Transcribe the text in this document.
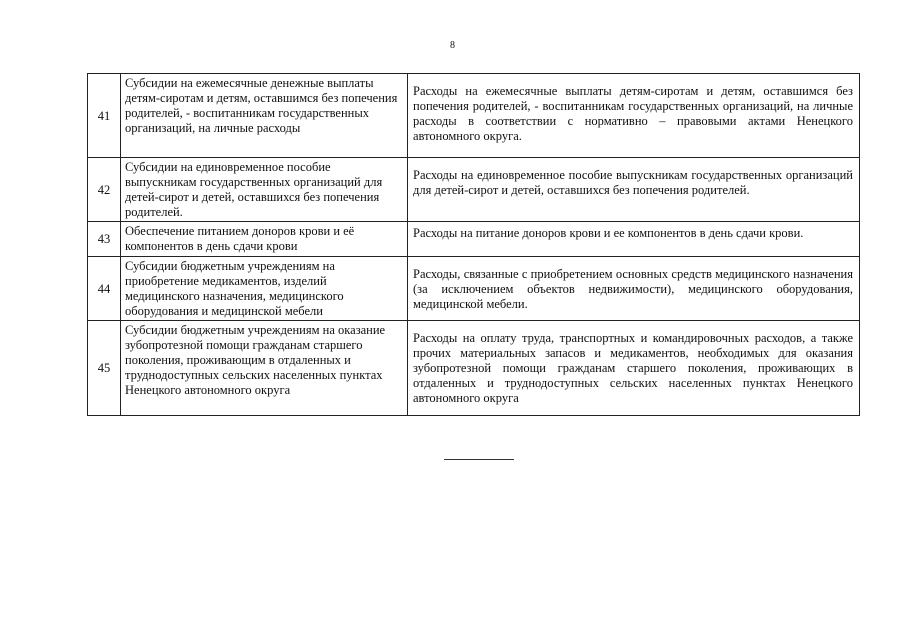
8
41	Субсидии на ежемесячные денежные выплаты детям-сиротам и детям, оставшимся без попечения родителей, - воспитанникам государственных организаций, на личные расходы	Расходы на ежемесячные выплаты детям-сиротам и детям, оставшимся без попечения родителей, - воспитанникам государственных организаций, на личные расходы в соответствии с нормативно – правовыми актами Ненецкого автономного округа.
42	Субсидии на единовременное пособие выпускникам государственных организаций для детей-сирот и детей, оставшихся без попечения родителей.	Расходы на единовременное пособие выпускникам государственных организаций для детей-сирот и детей, оставшихся без попечения родителей.
43	Обеспечение питанием доноров крови и её компонентов в день сдачи крови	Расходы на питание доноров крови и ее компонентов в день сдачи крови.
44	Субсидии бюджетным учреждениям на приобретение медикаментов, изделий медицинского назначения, медицинского оборудования и медицинской мебели	Расходы, связанные с приобретением основных средств медицинского назначения (за исключением объектов недвижимости), медицинского оборудования, медицинской мебели.
45	Субсидии бюджетным учреждениям на оказание зубопротезной помощи гражданам старшего поколения, проживающим в отдаленных и труднодоступных сельских населенных пунктах Ненецкого автономного округа	Расходы на оплату труда, транспортных и командировочных расходов, а также прочих материальных запасов и медикаментов, необходимых для оказания зубопротезной помощи гражданам старшего поколения, проживающих в отдаленных и труднодоступных сельских населенных пунктах Ненецкого автономного округа
